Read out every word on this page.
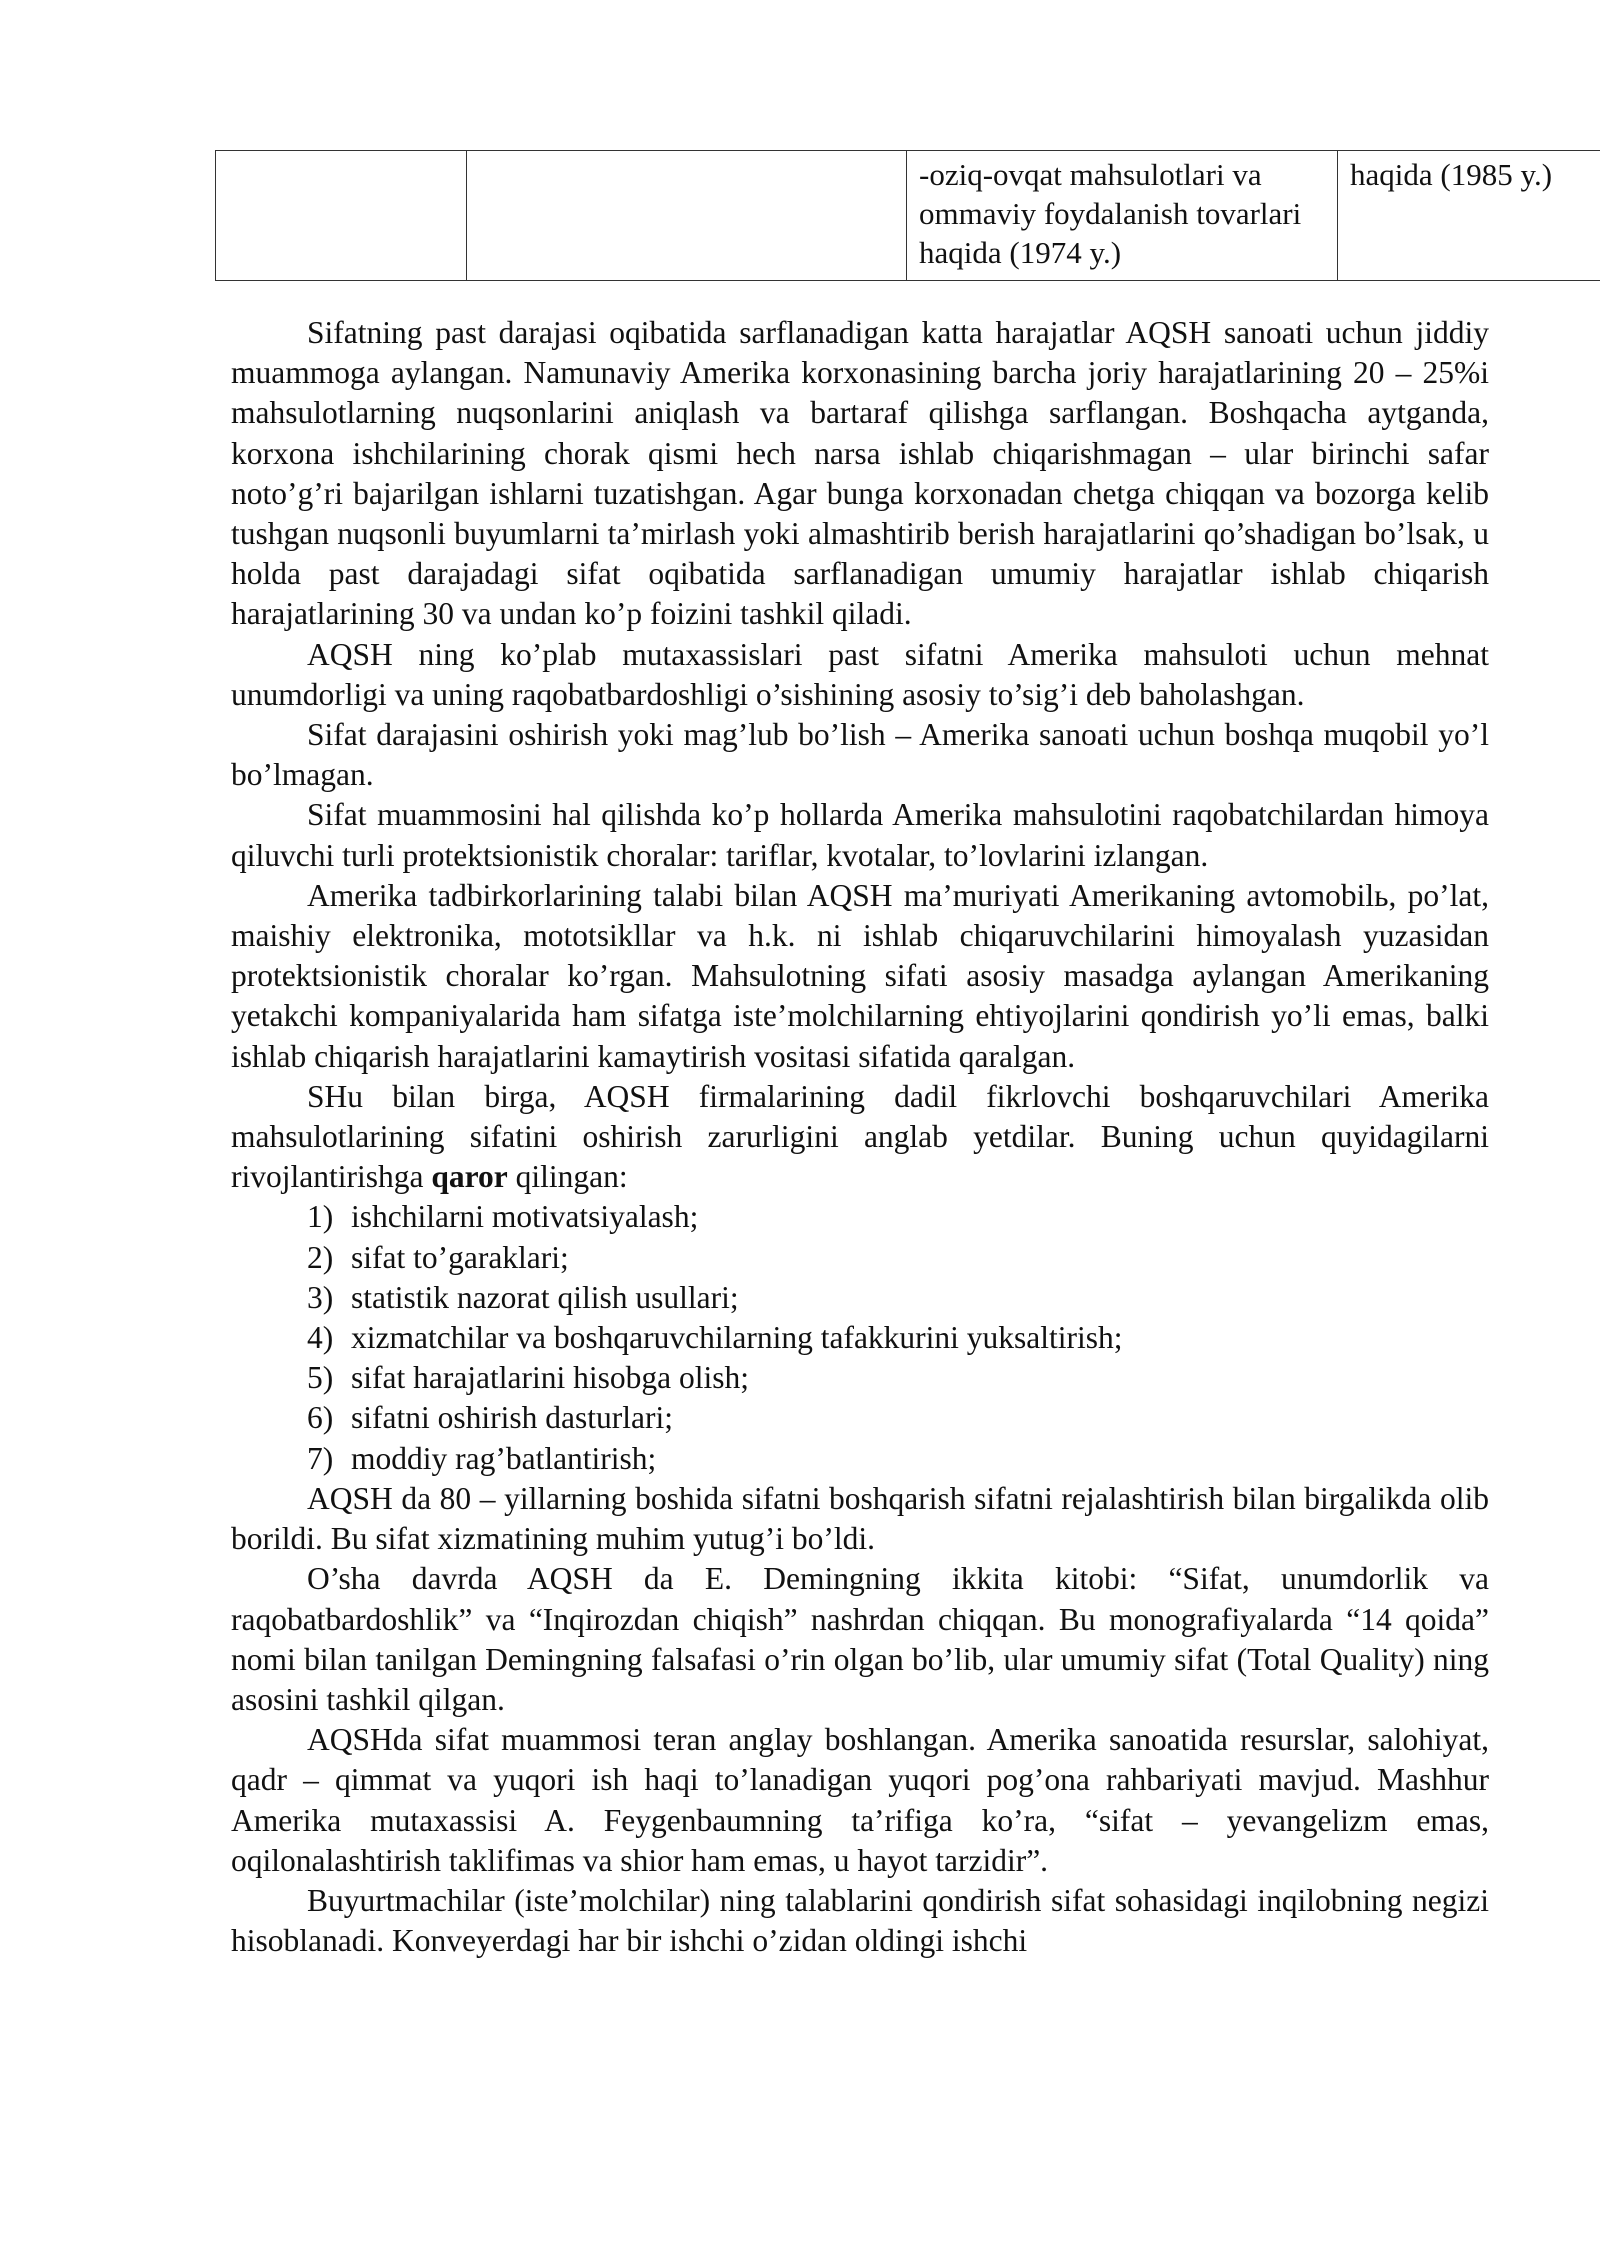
		-oziq-ovqat mahsulotlari va ommaviy foydalanish tovarlari haqida (1974 y.)	haqida (1985 y.)

Sifatning past darajasi oqibatida sarflanadigan katta harajatlar AQSH sanoati uchun jiddiy muammoga aylangan. Namunaviy Amerika korxonasining barcha joriy harajatlarining 20 – 25%i mahsulotlarning nuqsonlarini aniqlash va bartaraf qilishga sarflangan. Boshqacha aytganda, korxona ishchilarining chorak qismi hech narsa ishlab chiqarishmagan – ular birinchi safar noto’g’ri bajarilgan ishlarni tuzatishgan. Agar bunga korxonadan chetga chiqqan va bozorga kelib tushgan nuqsonli buyumlarni ta’mirlash yoki almashtirib berish harajatlarini qo’shadigan bo’lsak, u holda past darajadagi sifat oqibatida sarflanadigan umumiy harajatlar ishlab chiqarish harajatlarining 30 va undan ko’p foizini tashkil qiladi.

AQSH ning ko’plab mutaxassislari past sifatni Amerika mahsuloti uchun mehnat unumdorligi va uning raqobatbardoshligi o’sishining asosiy to’sig’i deb baholashgan.

Sifat darajasini oshirish yoki mag’lub bo’lish – Amerika sanoati uchun boshqa muqobil yo’l bo’lmagan.

Sifat muammosini hal qilishda ko’p hollarda Amerika mahsulotini raqobatchilardan himoya qiluvchi turli protektsionistik choralar: tariflar, kvotalar, to’lovlarini izlangan.

Amerika tadbirkorlarining talabi bilan AQSH ma’muriyati Amerikaning avtomobilь, po’lat, maishiy elektronika, mototsikllar va h.k. ni ishlab chiqaruvchilarini himoyalash yuzasidan protektsionistik choralar ko’rgan. Mahsulotning sifati asosiy masadga aylangan Amerikaning yetakchi kompaniyalarida ham sifatga iste’molchilarning ehtiyojlarini qondirish yo’li emas, balki ishlab chiqarish harajatlarini kamaytirish vositasi sifatida qaralgan.

SHu bilan birga, AQSH firmalarining dadil fikrlovchi boshqaruvchilari Amerika mahsulotlarining sifatini oshirish zarurligini anglab yetdilar. Buning uchun quyidagilarni rivojlantirishga qaror qilingan:

1) ishchilarni motivatsiyalash;
2) sifat to’garaklari;
3) statistik nazorat qilish usullari;
4) xizmatchilar va boshqaruvchilarning tafakkurini yuksaltirish;
5) sifat harajatlarini hisobga olish;
6) sifatni oshirish dasturlari;
7) moddiy rag’batlantirish;

AQSH da 80 – yillarning boshida sifatni boshqarish sifatni rejalashtirish bilan birgalikda olib borildi. Bu sifat xizmatining muhim yutug’i bo’ldi.

O’sha davrda AQSH da E. Demingning ikkita kitobi: “Sifat, unumdorlik va raqobatbardoshlik” va “Inqirozdan chiqish” nashrdan chiqqan. Bu monografiyalarda “14 qoida” nomi bilan tanilgan Demingning falsafasi o’rin olgan bo’lib, ular umumiy sifat (Total Quality) ning asosini tashkil qilgan.

AQSHda sifat muammosi teran anglay boshlangan. Amerika sanoatida resurslar, salohiyat, qadr – qimmat va yuqori ish haqi to’lanadigan yuqori pog’ona rahbariyati mavjud. Mashhur Amerika mutaxassisi A. Feygenbaumning ta’rifiga ko’ra, “sifat – yevangelizm emas, oqilonalashtirish taklifimas va shior ham emas, u hayot tarzidir”.

Buyurtmachilar (iste’molchilar) ning talablarini qondirish sifat sohasidagi inqilobning negizi hisoblanadi. Konveyerdagi har bir ishchi o’zidan oldingi ishchi
